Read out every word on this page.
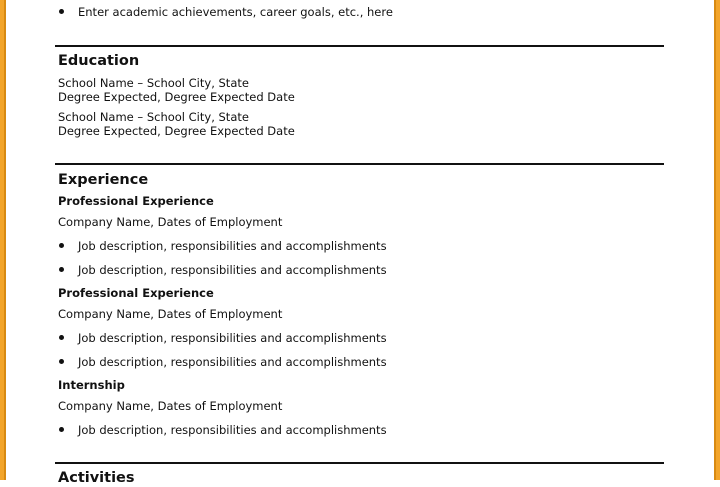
Enter academic achievements, career goals, etc., here
Education
School Name – School City, State
Degree Expected, Degree Expected Date
School Name – School City, State
Degree Expected, Degree Expected Date
Experience
Professional Experience
Company Name, Dates of Employment
Job description, responsibilities and accomplishments
Job description, responsibilities and accomplishments
Professional Experience
Company Name, Dates of Employment
Job description, responsibilities and accomplishments
Job description, responsibilities and accomplishments
Internship
Company Name, Dates of Employment
Job description, responsibilities and accomplishments
Activities
